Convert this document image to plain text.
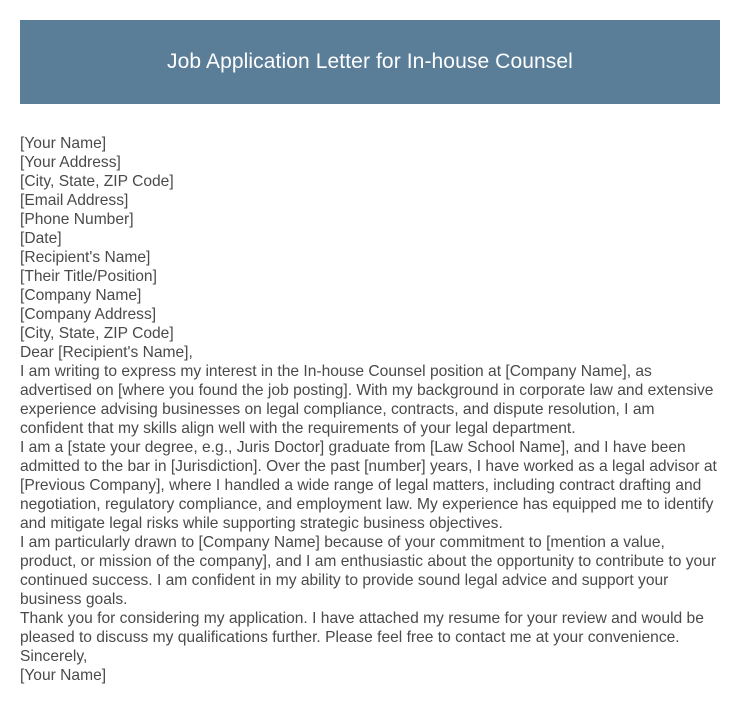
Job Application Letter for In-house Counsel

[Your Name]

[Your Address]

[City, State, ZIP Code]

[Email Address]

[Phone Number]

[Date]

[Recipient's Name]

[Their Title/Position]

[Company Name]

[Company Address]

[City, State, ZIP Code]

Dear [Recipient's Name],

I am writing to express my interest in the In-house Counsel position at [Company Name], as advertised on [where you found the job posting]. With my background in corporate law and extensive experience advising businesses on legal compliance, contracts, and dispute resolution, I am confident that my skills align well with the requirements of your legal department.

I am a [state your degree, e.g., Juris Doctor] graduate from [Law School Name], and I have been admitted to the bar in [Jurisdiction]. Over the past [number] years, I have worked as a legal advisor at [Previous Company], where I handled a wide range of legal matters, including contract drafting and negotiation, regulatory compliance, and employment law. My experience has equipped me to identify and mitigate legal risks while supporting strategic business objectives.

I am particularly drawn to [Company Name] because of your commitment to [mention a value, product, or mission of the company], and I am enthusiastic about the opportunity to contribute to your continued success. I am confident in my ability to provide sound legal advice and support your business goals.

Thank you for considering my application. I have attached my resume for your review and would be pleased to discuss my qualifications further. Please feel free to contact me at your convenience.

Sincerely,

[Your Name]
